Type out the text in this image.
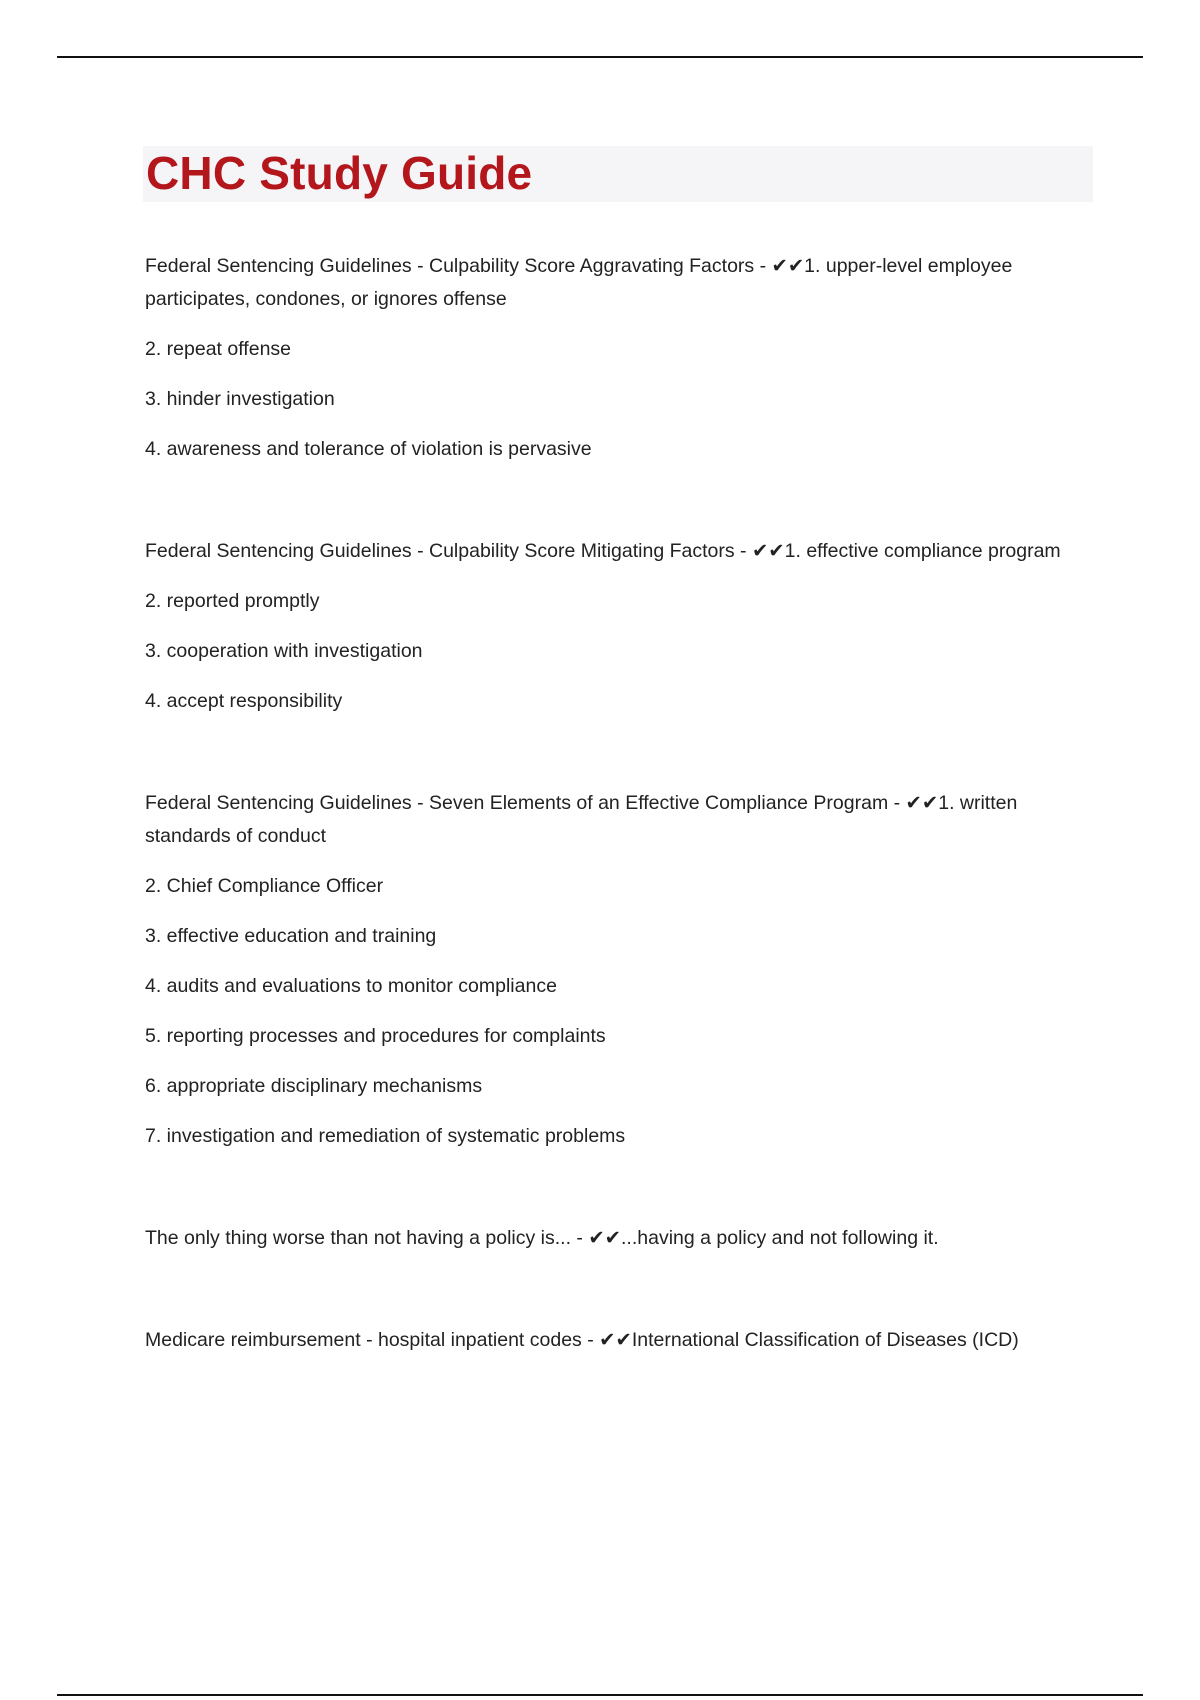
CHC Study Guide

Federal Sentencing Guidelines - Culpability Score Aggravating Factors - ✔✔1. upper-level employee participates, condones, or ignores offense

2. repeat offense

3. hinder investigation

4. awareness and tolerance of violation is pervasive

Federal Sentencing Guidelines - Culpability Score Mitigating Factors - ✔✔1. effective compliance program

2. reported promptly

3. cooperation with investigation

4. accept responsibility

Federal Sentencing Guidelines - Seven Elements of an Effective Compliance Program - ✔✔1. written standards of conduct

2. Chief Compliance Officer

3. effective education and training

4. audits and evaluations to monitor compliance

5. reporting processes and procedures for complaints

6. appropriate disciplinary mechanisms

7. investigation and remediation of systematic problems

The only thing worse than not having a policy is... - ✔✔...having a policy and not following it.

Medicare reimbursement - hospital inpatient codes - ✔✔International Classification of Diseases (ICD)
